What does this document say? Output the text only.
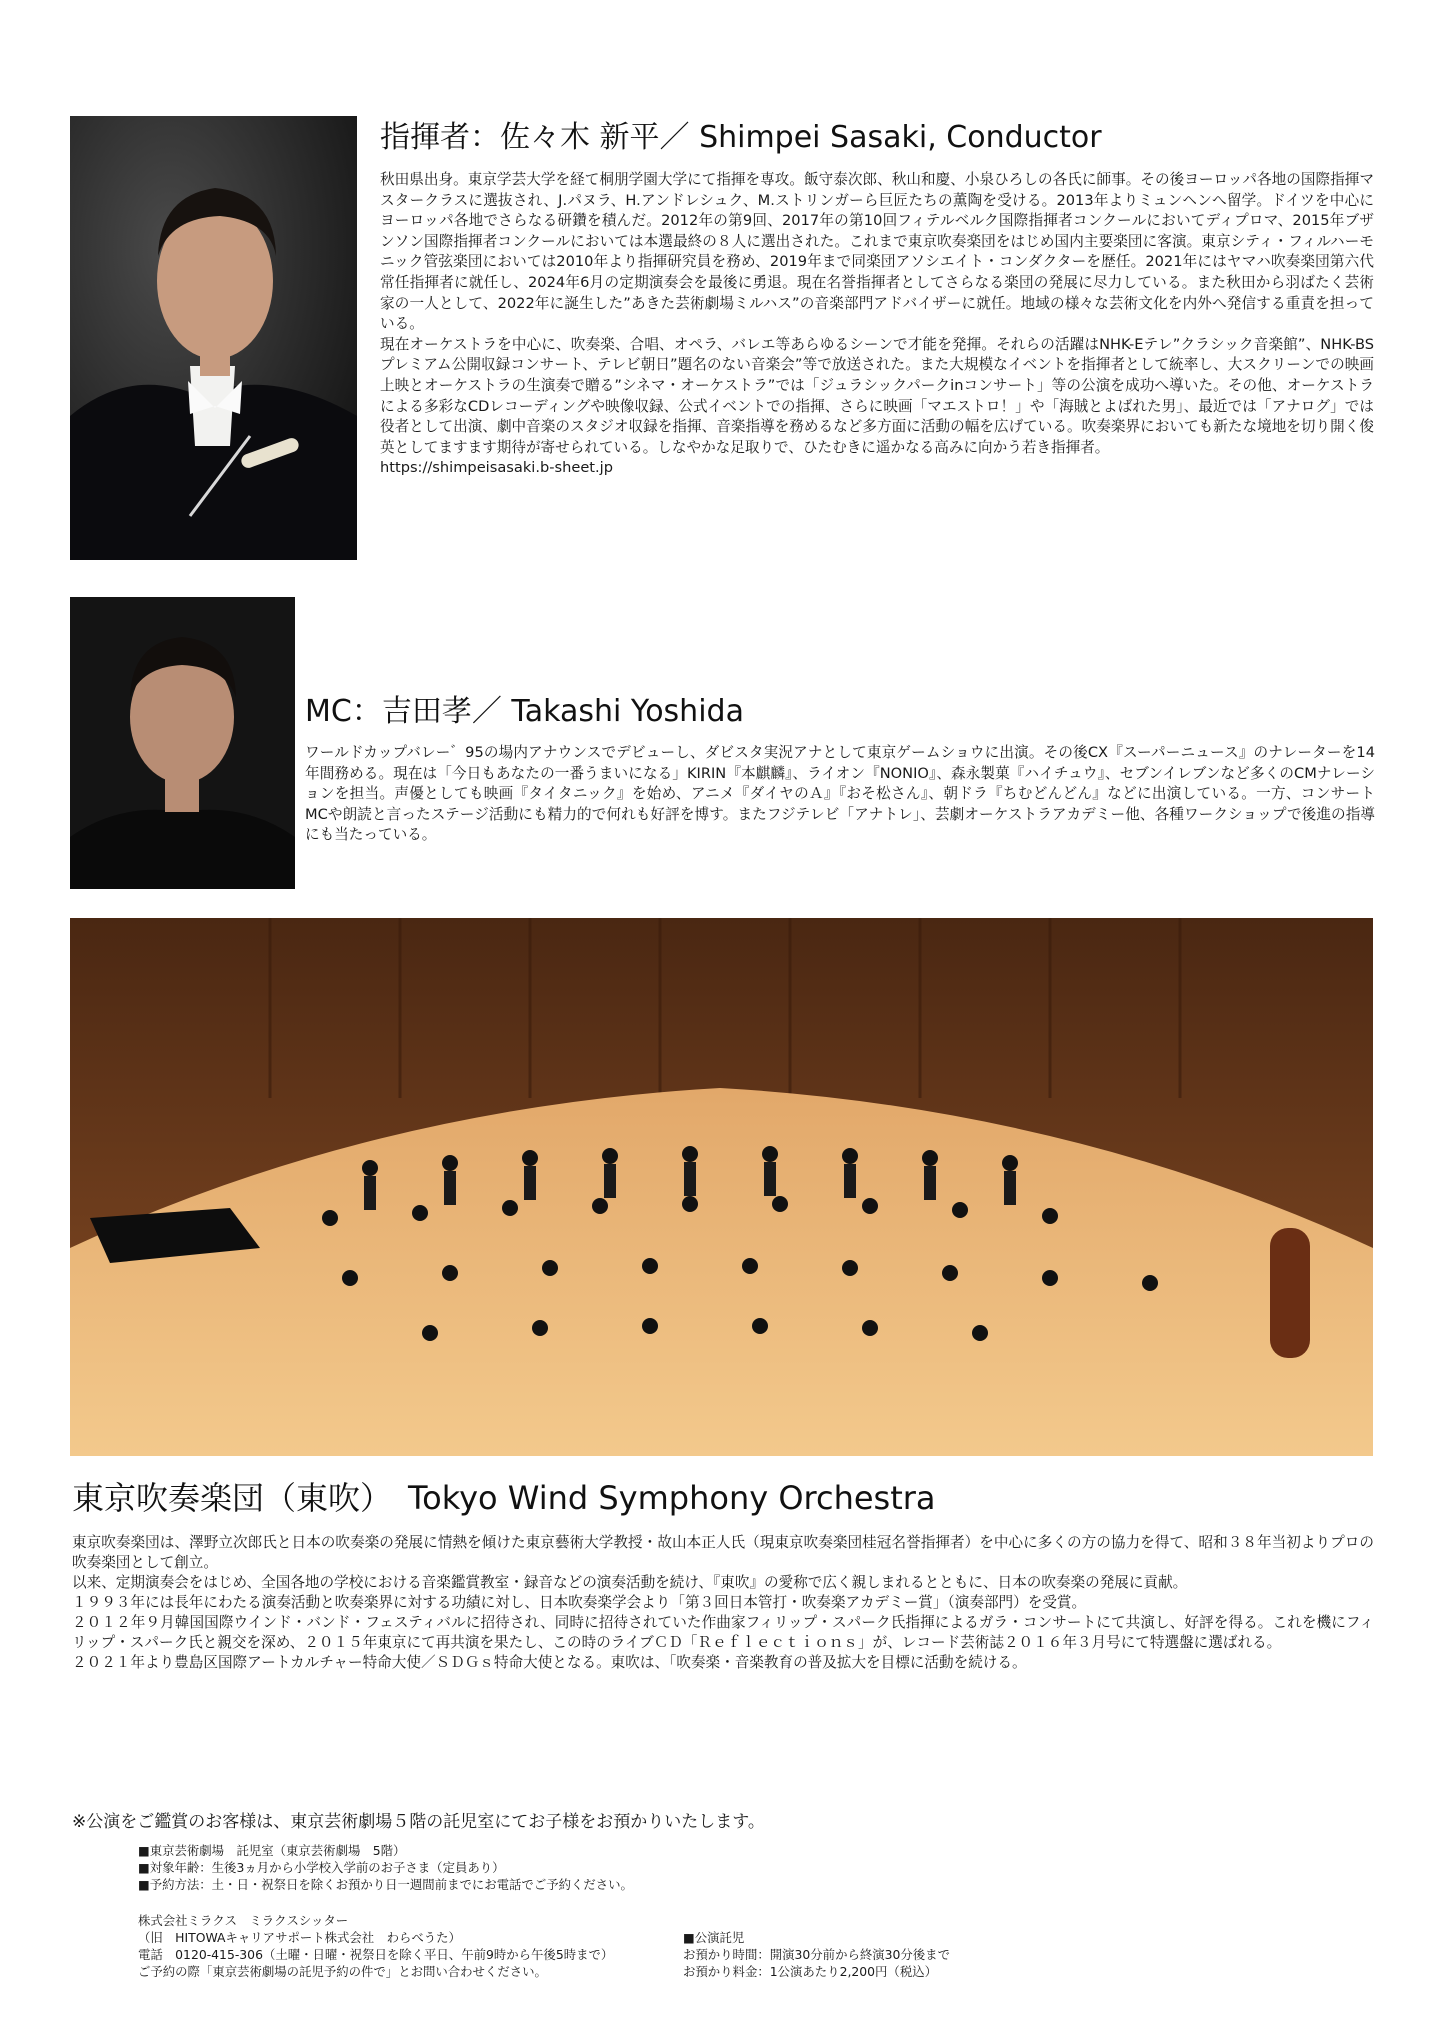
指揮者：佐々木 新平／ Shimpei Sasaki, Conductor

秋田県出身。東京学芸大学を経て桐朋学園大学にて指揮を専攻。飯守泰次郎、秋山和慶、小泉ひろしの各氏に師事。その後ヨーロッパ各地の国際指揮マスタークラスに選抜され、J.パヌラ、H.アンドレシュク、M.ストリンガーら巨匠たちの薫陶を受ける。2013年よりミュンヘンへ留学。ドイツを中心にヨーロッパ各地でさらなる研鑽を積んだ。2012年の第9回、2017年の第10回フィテルベルク国際指揮者コンクールにおいてディプロマ、2015年ブザンソン国際指揮者コンクールにおいては本選最終の８人に選出された。これまで東京吹奏楽団をはじめ国内主要楽団に客演。東京シティ・フィルハーモニック管弦楽団においては2010年より指揮研究員を務め、2019年まで同楽団アソシエイト・コンダクターを歴任。2021年にはヤマハ吹奏楽団第六代常任指揮者に就任し、2024年6月の定期演奏会を最後に勇退。現在名誉指揮者としてさらなる楽団の発展に尽力している。また秋田から羽ばたく芸術家の一人として、2022年に誕生した”あきた芸術劇場ミルハス”の音楽部門アドバイザーに就任。地域の様々な芸術文化を内外へ発信する重責を担っている。

現在オーケストラを中心に、吹奏楽、合唱、オペラ、バレエ等あらゆるシーンで才能を発揮。それらの活躍はNHK-Eテレ”クラシック音楽館”、NHK-BSプレミアム公開収録コンサート、テレビ朝日”題名のない音楽会”等で放送された。また大規模なイベントを指揮者として統率し、大スクリーンでの映画上映とオーケストラの生演奏で贈る”シネマ・オーケストラ”では「ジュラシックパークinコンサート」等の公演を成功へ導いた。その他、オーケストラによる多彩なCDレコーディングや映像収録、公式イベントでの指揮、さらに映画「マエストロ！」や「海賊とよばれた男」、最近では「アナログ」では役者として出演、劇中音楽のスタジオ収録を指揮、音楽指導を務めるなど多方面に活動の幅を広げている。吹奏楽界においても新たな境地を切り開く俊英としてますます期待が寄せられている。しなやかな足取りで、ひたむきに遥かなる高みに向かう若き指揮者。

https://shimpeisasaki.b-sheet.jp

MC：吉田孝／ Takashi Yoshida
ワールドカップバレー゛95の場内アナウンスでデビューし、ダビスタ実況アナとして東京ゲームショウに出演。その後CX『スーパーニュース』のナレーターを14年間務める。現在は「今日もあなたの一番うまいになる」KIRIN『本麒麟』、ライオン『NONIO』、森永製菓『ハイチュウ』、セブンイレブンなど多くのCMナレーションを担当。声優としても映画『タイタニック』を始め、アニメ『ダイヤのＡ』『おそ松さん』、朝ドラ『ちむどんどん』などに出演している。一方、コンサートMCや朗読と言ったステージ活動にも精力的で何れも好評を博す。またフジテレビ「アナトレ」、芸劇オーケストラアカデミー他、各種ワークショップで後進の指導にも当たっている。
東京吹奏楽団（東吹）　Tokyo Wind Symphony Orchestra

東京吹奏楽団は、澤野立次郎氏と日本の吹奏楽の発展に情熱を傾けた東京藝術大学教授・故山本正人氏（現東京吹奏楽団桂冠名誉指揮者）を中心に多くの方の協力を得て、昭和３８年当初よりプロの吹奏楽団として創立。

以来、定期演奏会をはじめ、全国各地の学校における音楽鑑賞教室・録音などの演奏活動を続け、『東吹』の愛称で広く親しまれるとともに、日本の吹奏楽の発展に貢献。

１９９３年には長年にわたる演奏活動と吹奏楽界に対する功績に対し、日本吹奏楽学会より「第３回日本管打・吹奏楽アカデミー賞」（演奏部門）を受賞。

２０１２年９月韓国国際ウインド・バンド・フェスティバルに招待され、同時に招待されていた作曲家フィリップ・スパーク氏指揮によるガラ・コンサートにて共演し、好評を得る。これを機にフィリップ・スパーク氏と親交を深め、２０１５年東京にて再共演を果たし、この時のライブＣＤ「Ｒｅｆｌｅｃｔｉｏｎｓ」が、レコード芸術誌２０１６年３月号にて特選盤に選ばれる。

２０２１年より豊島区国際アートカルチャー特命大使／ＳＤＧｓ特命大使となる。東吹は、「吹奏楽・音楽教育の普及拡大を目標に活動を続ける。

※公演をご鑑賞のお客様は、東京芸術劇場５階の託児室にてお子様をお預かりいたします。

■東京芸術劇場　託児室（東京芸術劇場　5階）

■対象年齢：生後3ヵ月から小学校入学前のお子さま（定員あり）

■予約方法：土・日・祝祭日を除くお預かり日一週間前までにお電話でご予約ください。

株式会社ミラクス　ミラクスシッター

（旧　HITOWAキャリアサポート株式会社　わらべうた）

電話　0120-415-306（土曜・日曜・祝祭日を除く平日、午前9時から午後5時まで）

ご予約の際「東京芸術劇場の託児予約の件で」とお問い合わせください。

■公演託児

お預かり時間：開演30分前から終演30分後まで

お預かり料金：1公演あたり2,200円（税込）
